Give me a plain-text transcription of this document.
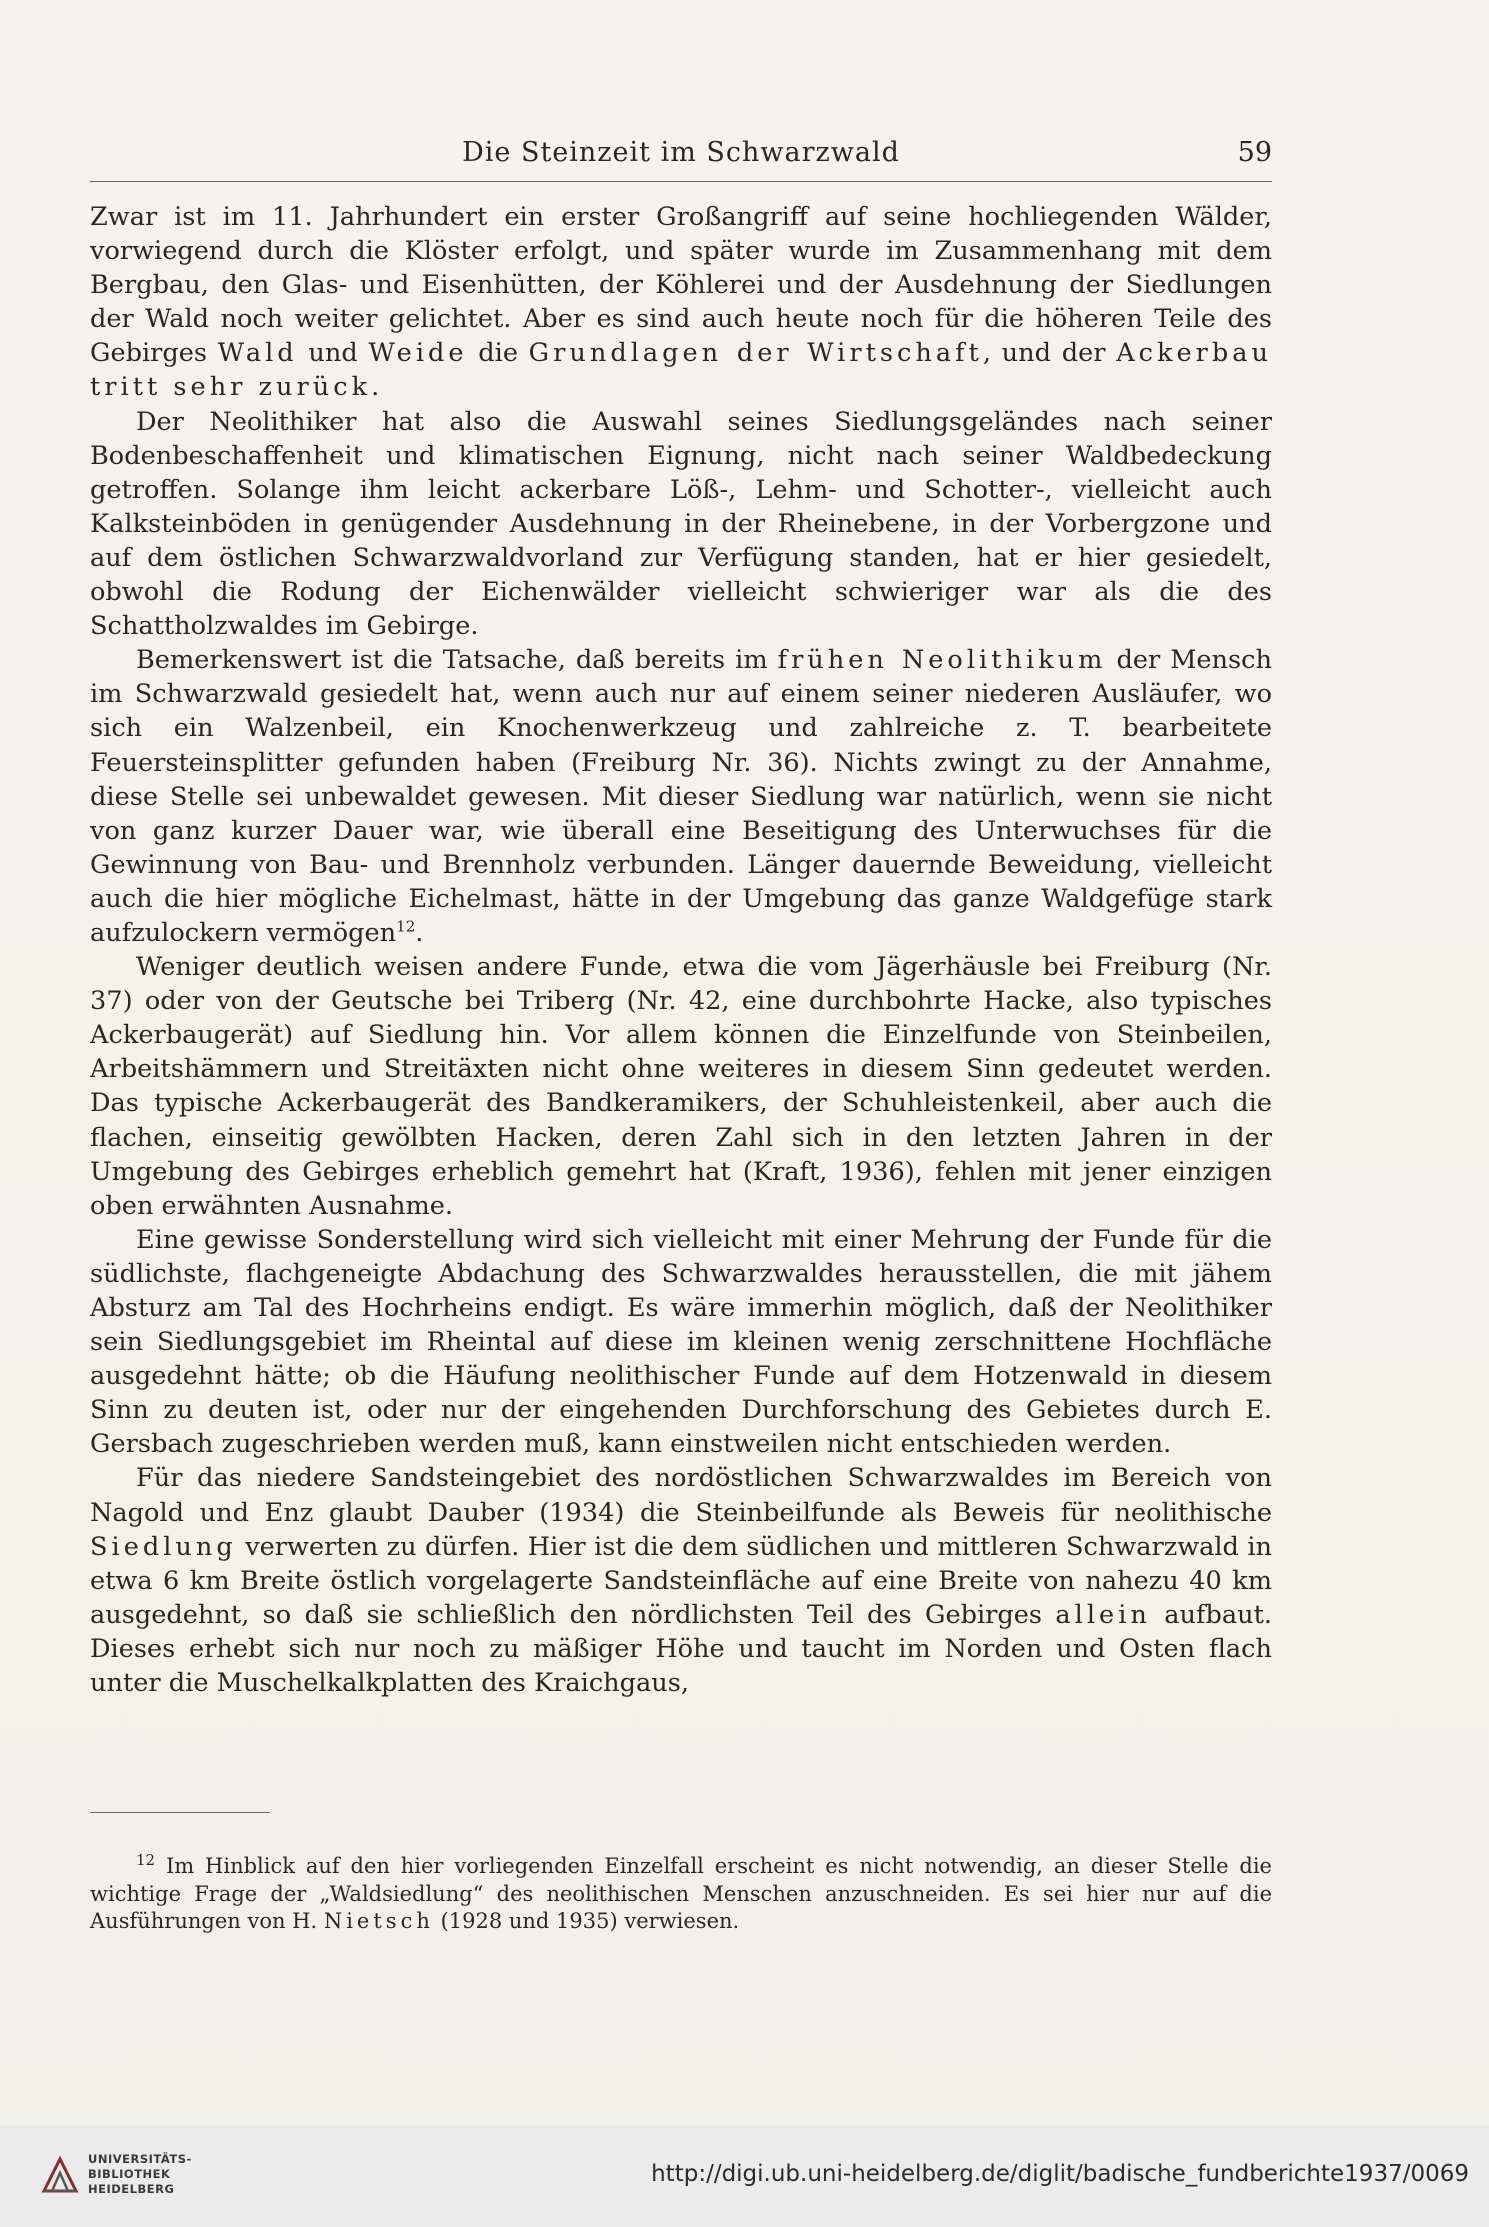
Die Steinzeit im Schwarzwald	59

Zwar ist im 11. Jahrhundert ein erster Großangriff auf seine hochliegenden Wälder, vorwiegend durch die Klöster erfolgt, und später wurde im Zusammenhang mit dem Bergbau, den Glas- und Eisenhütten, der Köhlerei und der Ausdehnung der Siedlungen der Wald noch weiter gelichtet. Aber es sind auch heute noch für die höheren Teile des Gebirges Wald und Weide die Grundlagen der Wirtschaft, und der Ackerbau tritt sehr zurück.

Der Neolithiker hat also die Auswahl seines Siedlungsgeländes nach seiner Bodenbeschaffenheit und klimatischen Eignung, nicht nach seiner Waldbedeckung getroffen. Solange ihm leicht ackerbare Löß-, Lehm- und Schotter-, vielleicht auch Kalksteinböden in genügender Ausdehnung in der Rheinebene, in der Vorbergzone und auf dem östlichen Schwarzwaldvorland zur Verfügung standen, hat er hier gesiedelt, obwohl die Rodung der Eichenwälder vielleicht schwieriger war als die des Schattholzwaldes im Gebirge.

Bemerkenswert ist die Tatsache, daß bereits im frühen Neolithikum der Mensch im Schwarzwald gesiedelt hat, wenn auch nur auf einem seiner niederen Ausläufer, wo sich ein Walzenbeil, ein Knochenwerkzeug und zahlreiche z. T. bearbeitete Feuersteinsplitter gefunden haben (Freiburg Nr. 36). Nichts zwingt zu der Annahme, diese Stelle sei unbewaldet gewesen. Mit dieser Siedlung war natürlich, wenn sie nicht von ganz kurzer Dauer war, wie überall eine Beseitigung des Unterwuchses für die Gewinnung von Bau- und Brennholz verbunden. Länger dauernde Beweidung, vielleicht auch die hier mögliche Eichelmast, hätte in der Umgebung das ganze Waldgefüge stark aufzulockern vermögen$^{12}$.

Weniger deutlich weisen andere Funde, etwa die vom Jägerhäusle bei Freiburg (Nr. 37) oder von der Geutsche bei Triberg (Nr. 42, eine durchbohrte Hacke, also typisches Ackerbaugerät) auf Siedlung hin. Vor allem können die Einzelfunde von Steinbeilen, Arbeitshämmern und Streitäxten nicht ohne weiteres in diesem Sinn gedeutet werden. Das typische Ackerbaugerät des Bandkeramikers, der Schuhleistenkeil, aber auch die flachen, einseitig gewölbten Hacken, deren Zahl sich in den letzten Jahren in der Umgebung des Gebirges erheblich gemehrt hat (Kraft, 1936), fehlen mit jener einzigen oben erwähnten Ausnahme.

Eine gewisse Sonderstellung wird sich vielleicht mit einer Mehrung der Funde für die südlichste, flachgeneigte Abdachung des Schwarzwaldes herausstellen, die mit jähem Absturz am Tal des Hochrheins endigt. Es wäre immerhin möglich, daß der Neolithiker sein Siedlungsgebiet im Rheintal auf diese im kleinen wenig zerschnittene Hochfläche ausgedehnt hätte; ob die Häufung neolithischer Funde auf dem Hotzenwald in diesem Sinn zu deuten ist, oder nur der eingehenden Durchforschung des Gebietes durch E. Gersbach zugeschrieben werden muß, kann einstweilen nicht entschieden werden.

Für das niedere Sandsteingebiet des nordöstlichen Schwarzwaldes im Bereich von Nagold und Enz glaubt Dauber (1934) die Steinbeilfunde als Beweis für neolithische Siedlung verwerten zu dürfen. Hier ist die dem südlichen und mittleren Schwarzwald in etwa 6 km Breite östlich vorgelagerte Sandsteinfläche auf eine Breite von nahezu 40 km ausgedehnt, so daß sie schließlich den nördlichsten Teil des Gebirges allein aufbaut. Dieses erhebt sich nur noch zu mäßiger Höhe und taucht im Norden und Osten flach unter die Muschelkalkplatten des Kraichgaus,

$^{12}$ Im Hinblick auf den hier vorliegenden Einzelfall erscheint es nicht notwendig, an dieser Stelle die wichtige Frage der „Waldsiedlung“ des neolithischen Menschen anzuschneiden. Es sei hier nur auf die Ausführungen von H. Nietsch (1928 und 1935) verwiesen.

UNIVERSITÄTS-
BIBLIOTHEK
HEIDELBERG
http://digi.ub.uni-heidelberg.de/diglit/badische_fundberichte1937/0069
